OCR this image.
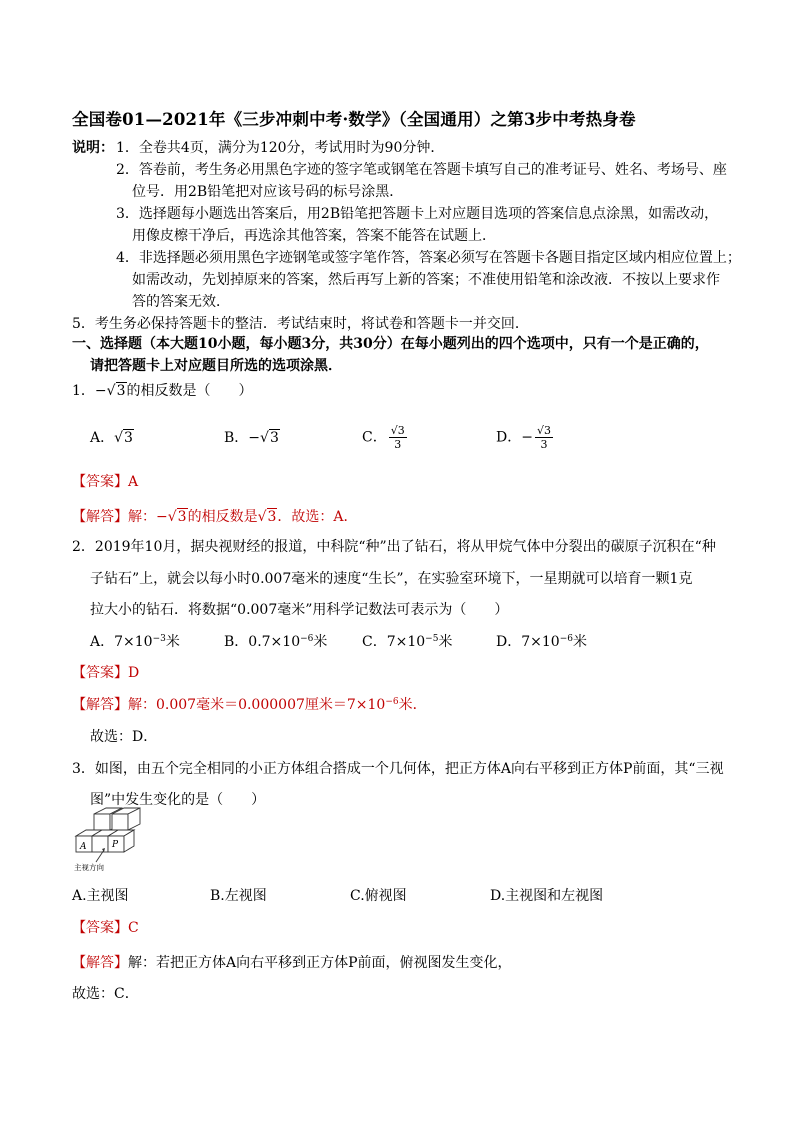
全国卷01—2021年《三步冲刺中考·数学》（全国通用）之第3步中考热身卷
说明： 1．全卷共4页，满分为120分，考试用时为90分钟．
2．答卷前，考生务必用黑色字迹的签字笔或钢笔在答题卡填写自己的准考证号、姓名、考场号、座
位号．用2B铅笔把对应该号码的标号涂黑．
3．选择题每小题选出答案后，用2B铅笔把答题卡上对应题目选项的答案信息点涂黑，如需改动，
用像皮檫干净后，再选涂其他答案，答案不能答在试题上．
4．非选择题必须用黑色字迹钢笔或签字笔作答，答案必须写在答题卡各题目指定区域内相应位置上；
如需改动，先划掉原来的答案，然后再写上新的答案；不准使用铅笔和涂改液．不按以上要求作
答的答案无效．
5．考生务必保持答题卡的整洁．考试结束时，将试卷和答题卡一并交回．
一、选择题（本大题10小题，每小题3分，共30分）在每小题列出的四个选项中，只有一个是正确的，
请把答题卡上对应题目所选的选项涂黑．
1．−√3的相反数是（　　）
A．√3	B．−√3	C． $\frac{√3}{3}$	D．− $\frac{√3}{3}$
【答案】A
【解答】解：−√3的相反数是√3．故选：A．
2．2019年10月，据央视财经的报道，中科院“种”出了钻石，将从甲烷气体中分裂出的碳原子沉积在“种
子钻石”上，就会以每小时0.007毫米的速度“生长”，在实验室环境下，一星期就可以培育一颗1克
拉大小的钻石．将数据“0.007毫米”用科学记数法可表示为（　　）
A．$7\times 10^{-3}$米	B．$0.7\times 10^{-6}$米 C．$7\times 10^{-5}$米	D．$7\times 10^{-6}$米
【答案】D
【解答】解：0.007毫米＝0.000007厘米$=7\times 10^{-6}$米．
故选：D．
3．如图，由五个完全相同的小正方体组合搭成一个几何体，把正方体A向右平移到正方体P前面，其“三视
图”中发生变化的是（　　）
A	P
主视方向
A.主视图	B.左视图	C.俯视图	D.主视图和左视图
【答案】C
【解答】解：若把正方体A向右平移到正方体P前面，俯视图发生变化，
故选：C．
